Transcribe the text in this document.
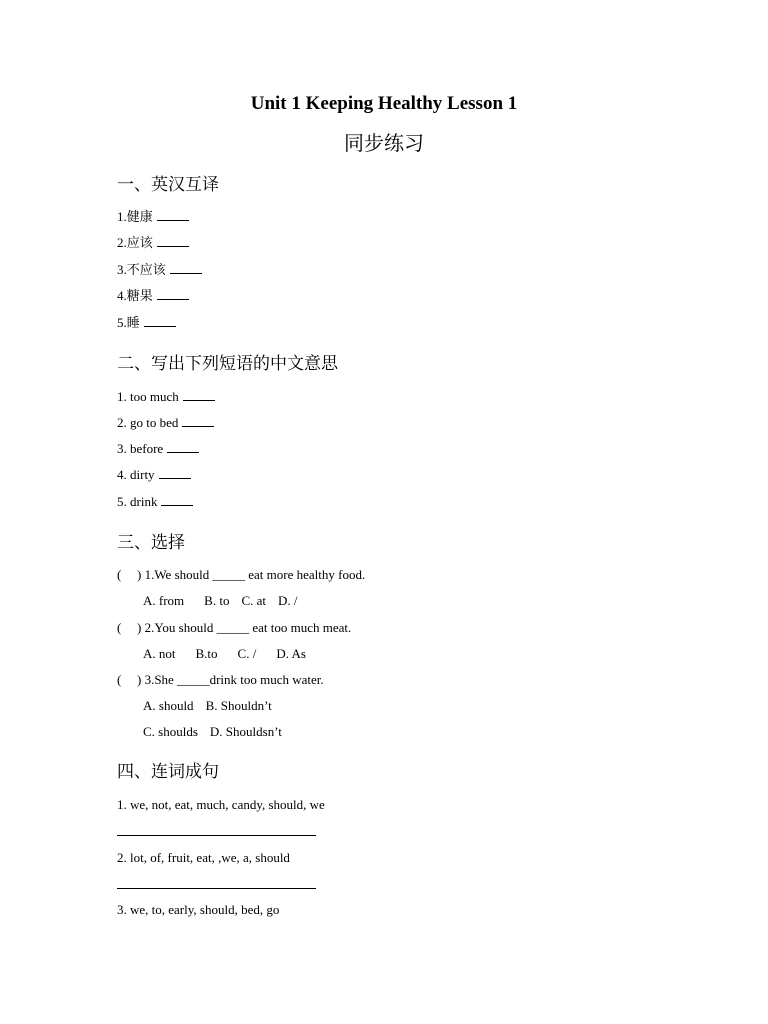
Unit 1 Keeping Healthy Lesson 1
同步练习
一、英汉互译
1.健康
2.应该
3.不应该
4.糖果
5.睡
二、写出下列短语的中文意思
1. too much
2. go to bed
3. before
4. dirty
5. drink
三、选择
( ) 1.We should _____ eat more healthy food.
A. from B. to C. at D. /
( ) 2.You should _____ eat too much meat.
A. not B.to C. / D. As
( ) 3.She _____drink too much water.
A. should B. Shouldn’t
C. shoulds D. Shouldsn’t
四、连词成句
1. we, not, eat, much, candy, should, we
2. lot, of, fruit, eat, ,we, a, should
3. we, to, early, should, bed, go
